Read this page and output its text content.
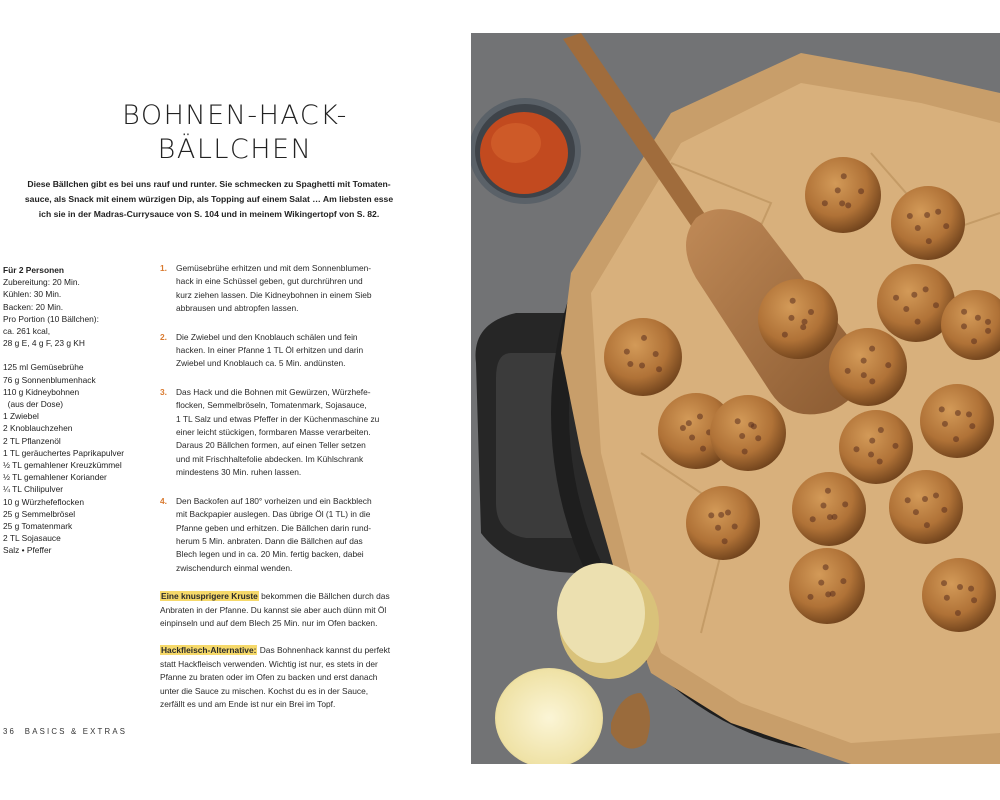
BOHNEN-HACK-
BÄLLCHEN
Diese Bällchen gibt es bei uns rauf und runter. Sie schmecken zu Spaghetti mit Tomaten-
sauce, als Snack mit einem würzigen Dip, als Topping auf einem Salat … Am liebsten esse
ich sie in der Madras-Currysauce von S. 104 und in meinem Wikingertopf von S. 82.
Für 2 Personen
Zubereitung: 20 Min.
Kühlen: 30 Min.
Backen: 20 Min.
Pro Portion (10 Bällchen):
ca. 261 kcal,
28 g E, 4 g F, 23 g KH
125 ml Gemüsebrühe
76 g Sonnenblumenhack
110 g Kidneybohnen
(aus der Dose)
1 Zwiebel
2 Knoblauchzehen
2 TL Pflanzenöl
1 TL geräuchertes Paprikapulver
½ TL gemahlener Kreuzkümmel
½ TL gemahlener Koriander
¼ TL Chilipulver
10 g Würzhefeflocken
25 g Semmelbrösel
25 g Tomatenmark
2 TL Sojasauce
Salz • Pfeffer
1. Gemüsebrühe erhitzen und mit dem Sonnenblumen-
hack in eine Schüssel geben, gut durchrühren und
kurz ziehen lassen. Die Kidneybohnen in einem Sieb
abbrausen und abtropfen lassen.
2. Die Zwiebel und den Knoblauch schälen und fein
hacken. In einer Pfanne 1 TL Öl erhitzen und darin
Zwiebel und Knoblauch ca. 5 Min. andünsten.
3. Das Hack und die Bohnen mit Gewürzen, Würzhefe-
flocken, Semmelbröseln, Tomatenmark, Sojasauce,
1 TL Salz und etwas Pfeffer in der Küchenmaschine zu
einer leicht stückigen, formbaren Masse verarbeiten.
Daraus 20 Bällchen formen, auf einen Teller setzen
und mit Frischhaltefolie abdecken. Im Kühlschrank
mindestens 30 Min. ruhen lassen.
4. Den Backofen auf 180° vorheizen und ein Backblech
mit Backpapier auslegen. Das übrige Öl (1 TL) in die
Pfanne geben und erhitzen. Die Bällchen darin rund-
herum 5 Min. anbraten. Dann die Bällchen auf das
Blech legen und in ca. 20 Min. fertig backen, dabei
zwischendurch einmal wenden.
Eine knusprigere Kruste bekommen die Bällchen durch das
Anbraten in der Pfanne. Du kannst sie aber auch dünn mit Öl
einpinseln und auf dem Blech 25 Min. nur im Ofen backen.
Hackfleisch-Alternative: Das Bohnenhack kannst du perfekt
statt Hackfleisch verwenden. Wichtig ist nur, es stets in der
Pfanne zu braten oder im Ofen zu backen und erst danach
unter die Sauce zu mischen. Kochst du es in der Sauce,
zerfällt es und am Ende ist nur ein Brei im Topf.
36  BASICS & EXTRAS
